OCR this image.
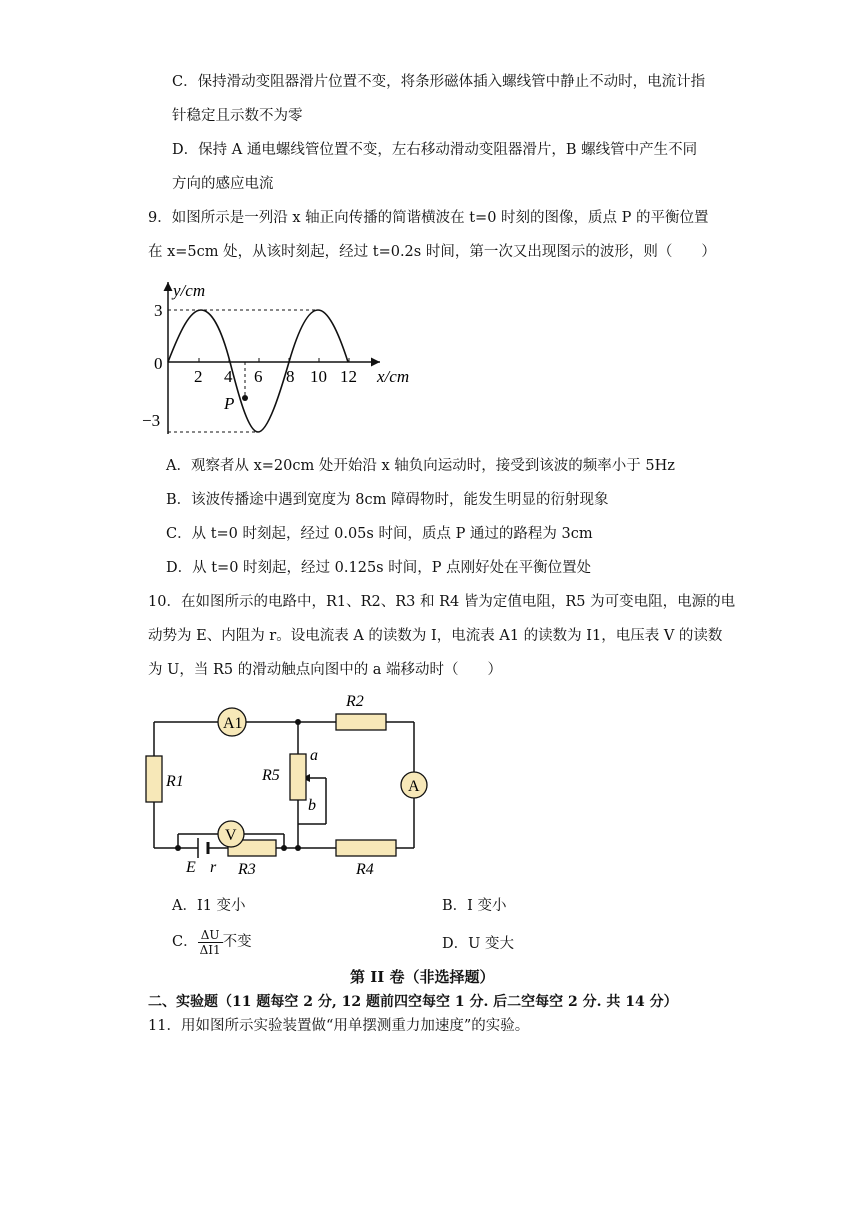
C．保持滑动变阻器滑片位置不变，将条形磁体插入螺线管中静止不动时，电流计指
针稳定且示数不为零
D．保持 A 通电螺线管位置不变，左右移动滑动变阻器滑片，B 螺线管中产生不同
方向的感应电流
9．如图所示是一列沿 x 轴正向传播的简谐横波在 t=0 时刻的图像，质点 P 的平衡位置
在 x=5cm 处，从该时刻起，经过 t=0.2s 时间，第一次又出现图示的波形，则（　　）
P
y/cm
x/cm
0
3
−3
2 4 6 8 10 12
A．观察者从 x=20cm 处开始沿 x 轴负向运动时，接受到该波的频率小于 5Hz
B．该波传播途中遇到宽度为 8cm 障碍物时，能发生明显的衍射现象
C．从 t=0 时刻起，经过 0.05s 时间，质点 P 通过的路程为 3cm
D．从 t=0 时刻起，经过 0.125s 时间，P 点刚好处在平衡位置处
10．在如图所示的电路中，R1、R2、R3 和 R4 皆为定值电阻，R5 为可变电阻，电源的电
动势为 E、内阻为 r。设电流表 A 的读数为 I，电流表 A1 的读数为 I1，电压表 V 的读数
为 U，当 R5 的滑动触点向图中的 a 端移动时（　　）
A1
A
V
R1
R2
R3	R4
R5
a
b
E r
A．I1 变小	B．I 变小
C． $\frac{\Delta U}{\Delta I1}$ 不变	D．U 变大
第 II 卷（非选择题）
二、实验题（11 题每空 2 分, 12 题前四空每空 1 分. 后二空每空 2 分. 共 14 分）
11．用如图所示实验装置做“用单摆测重力加速度”的实验。
